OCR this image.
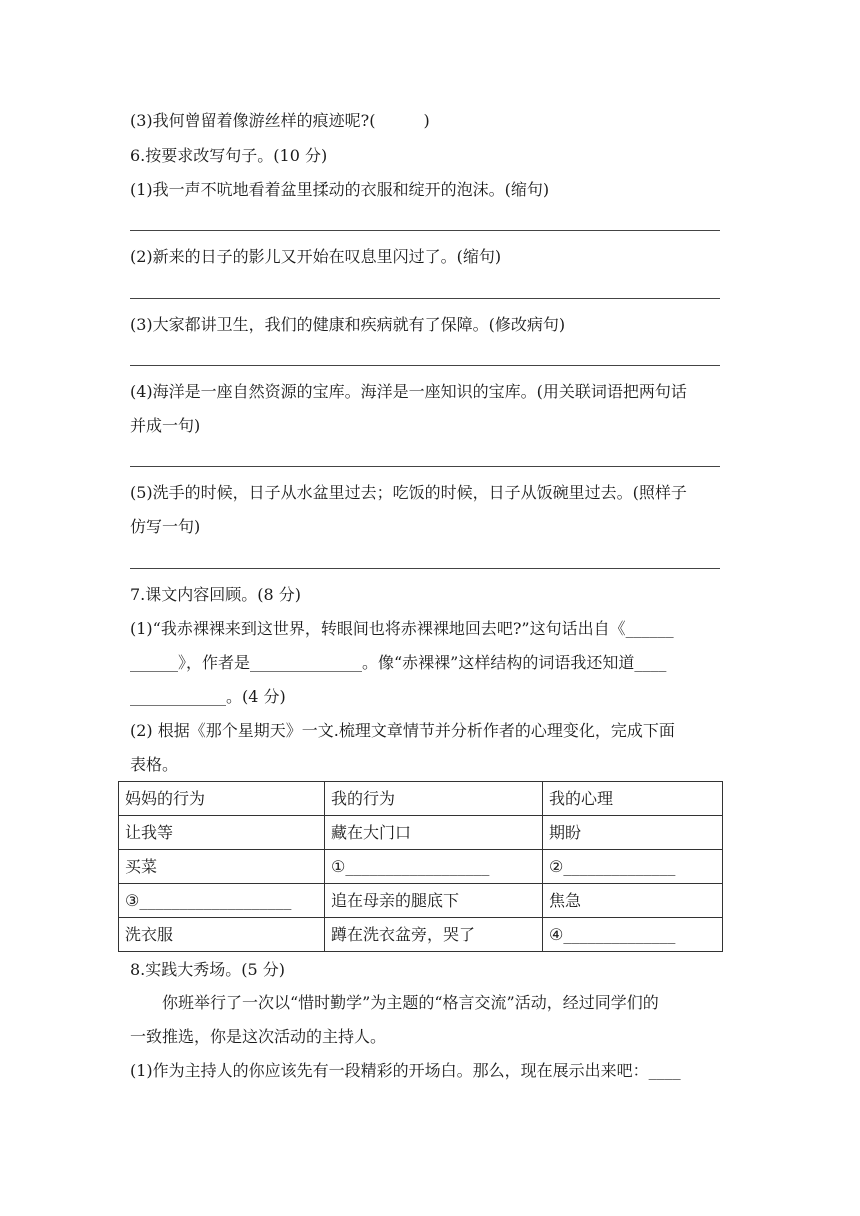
(3)我何曾留着像游丝样的痕迹呢?(　　　)
6.按要求改写句子。(10 分)
(1)我一声不吭地看着盆里揉动的衣服和绽开的泡沫。(缩句)
(2)新来的日子的影儿又开始在叹息里闪过了。(缩句)
(3)大家都讲卫生，我们的健康和疾病就有了保障。(修改病句)
(4)海洋是一座自然资源的宝库。海洋是一座知识的宝库。(用关联词语把两句话
并成一句)
(5)洗手的时候，日子从水盆里过去；吃饭的时候，日子从饭碗里过去。(照样子
仿写一句)
7.课文内容回顾。(8 分)
(1)“我赤裸裸来到这世界，转眼间也将赤裸裸地回去吧?”这句话出自《______
______》，作者是______________。像“赤裸裸”这样结构的词语我还知道____
____________。(4 分)
(2) 根据《那个星期天》一文.梳理文章情节并分析作者的心理变化，完成下面
表格。
妈妈的行为	我的行为	我的心理
让我等	藏在大门口	期盼
买菜	①__________________	②______________
③___________________	追在母亲的腿底下	焦急
洗衣服	蹲在洗衣盆旁，哭了	④______________
8.实践大秀场。(5 分)
你班举行了一次以“惜时勤学”为主题的“格言交流”活动，经过同学们的
一致推选，你是这次活动的主持人。
(1)作为主持人的你应该先有一段精彩的开场白。那么，现在展示出来吧：____
